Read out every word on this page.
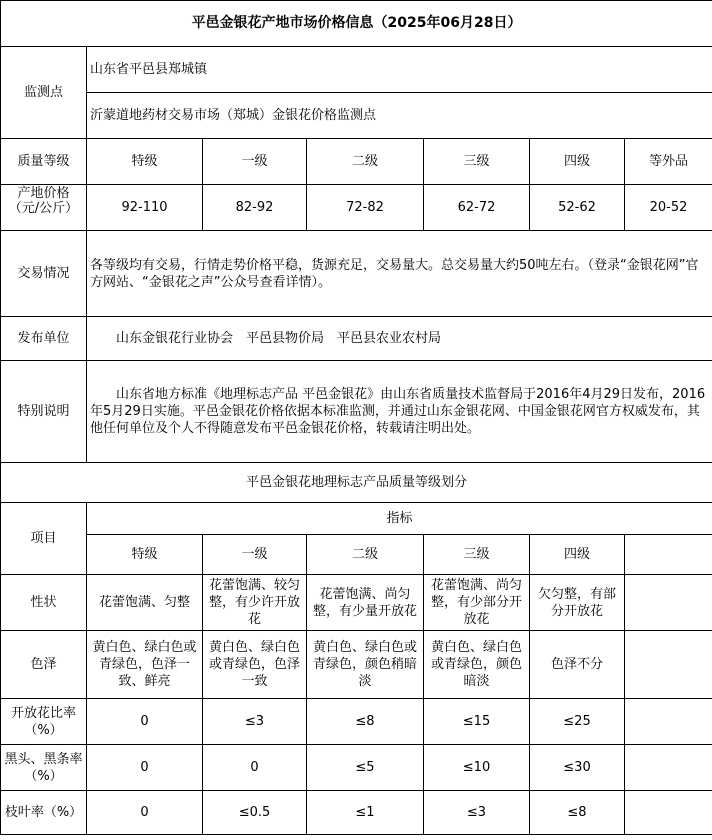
平邑金银花产地市场价格信息（2025年06月28日）						
监测点	山东省平邑县郑城镇					
	沂蒙道地药材交易市场（郑城）金银花价格监测点					
质量等级	特级	一级	二级	三级	四级	等外品
产地价格（元/公斤）	92-110	82-92	72-82	62-72	52-62	20-52
交易情况	各等级均有交易，行情走势价格平稳，货源充足，交易量大。总交易量大约50吨左右。（登录“金银花网”官方网站、“金银花之声”公众号查看详情）。					
发布单位	山东金银花行业协会　平邑县物价局　平邑县农业农村局					
特别说明	山东省地方标准《地理标志产品 平邑金银花》由山东省质量技术监督局于2016年4月29日发布，2016年5月29日实施。平邑金银花价格依据本标准监测，并通过山东金银花网、中国金银花网官方权威发布，其他任何单位及个人不得随意发布平邑金银花价格，转载请注明出处。					
平邑金银花地理标志产品质量等级划分						
项目	指标					
	特级	一级	二级	三级	四级	
性状	花蕾饱满、匀整	花蕾饱满、较匀整，有少许开放花	花蕾饱满、尚匀整，有少量开放花	花蕾饱满、尚匀整，有少部分开放花	欠匀整，有部分开放花	
色泽	黄白色、绿白色或青绿色，色泽一致、鲜亮	黄白色、绿白色或青绿色，色泽一致	黄白色、绿白色或青绿色，颜色稍暗淡	黄白色、绿白色或青绿色，颜色暗淡	色泽不分	
开放花比率（%）	0	≤3	≤8	≤15	≤25	
黑头、黑条率（%）	0	0	≤5	≤10	≤30	
枝叶率（%）	0	≤0.5	≤1	≤3	≤8	
